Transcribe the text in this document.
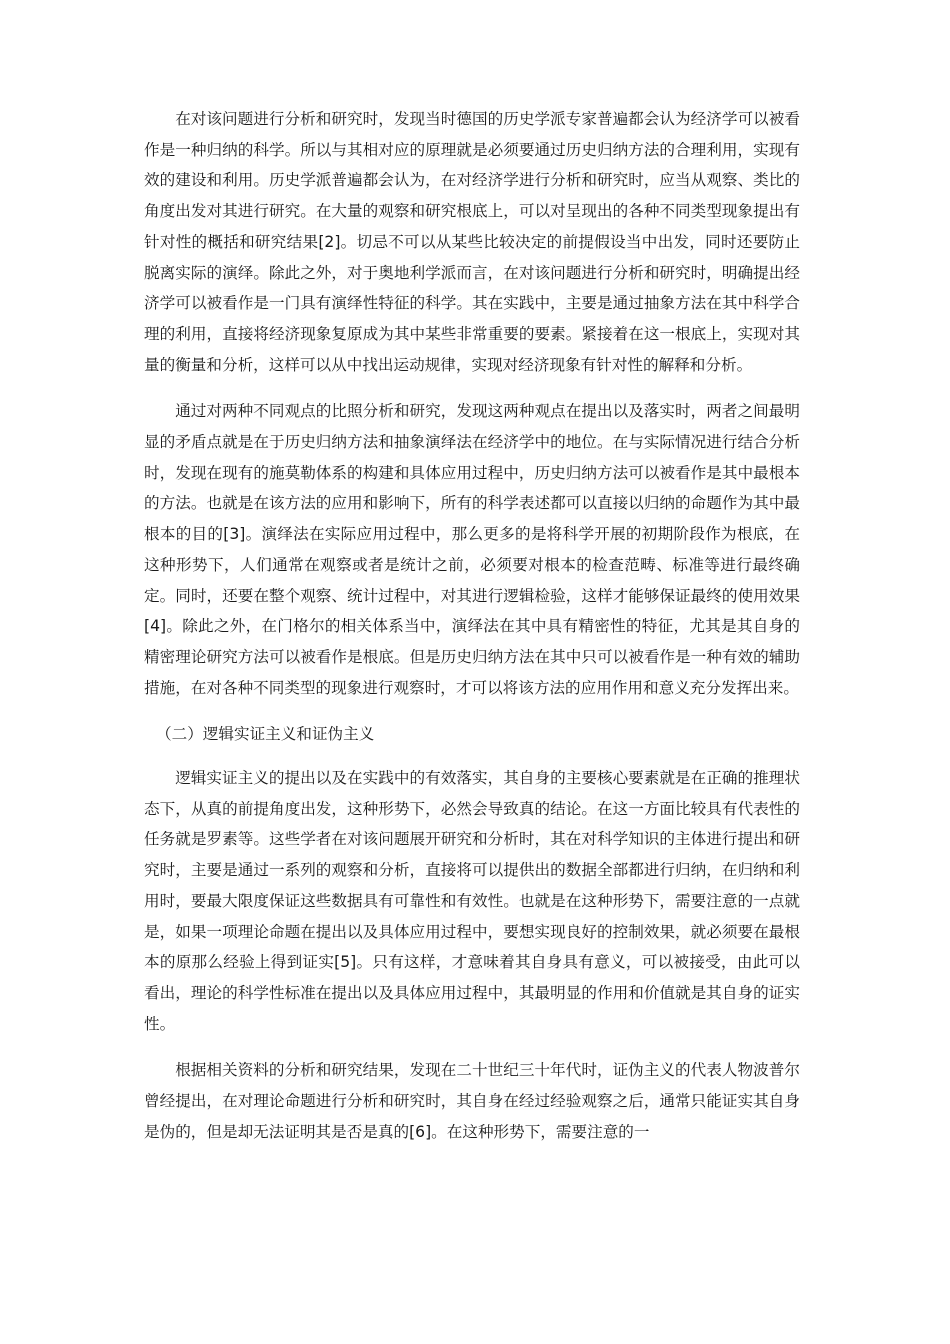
在对该问题进行分析和研究时，发现当时德国的历史学派专家普遍都会认为经济学可以被看作是一种归纳的科学。所以与其相对应的原理就是必须要通过历史归纳方法的合理利用，实现有效的建设和利用。历史学派普遍都会认为，在对经济学进行分析和研究时，应当从观察、类比的角度出发对其进行研究。在大量的观察和研究根底上，可以对呈现出的各种不同类型现象提出有针对性的概括和研究结果[2]。切忌不可以从某些比较决定的前提假设当中出发，同时还要防止脱离实际的演绎。除此之外，对于奥地利学派而言，在对该问题进行分析和研究时，明确提出经济学可以被看作是一门具有演绎性特征的科学。其在实践中，主要是通过抽象方法在其中科学合理的利用，直接将经济现象复原成为其中某些非常重要的要素。紧接着在这一根底上，实现对其量的衡量和分析，这样可以从中找出运动规律，实现对经济现象有针对性的解释和分析。

通过对两种不同观点的比照分析和研究，发现这两种观点在提出以及落实时，两者之间最明显的矛盾点就是在于历史归纳方法和抽象演绎法在经济学中的地位。在与实际情况进行结合分析时，发现在现有的施莫勒体系的构建和具体应用过程中，历史归纳方法可以被看作是其中最根本的方法。也就是在该方法的应用和影响下，所有的科学表述都可以直接以归纳的命题作为其中最根本的目的[3]。演绎法在实际应用过程中，那么更多的是将科学开展的初期阶段作为根底，在这种形势下，人们通常在观察或者是统计之前，必须要对根本的检查范畴、标准等进行最终确定。同时，还要在整个观察、统计过程中，对其进行逻辑检验，这样才能够保证最终的使用效果[4]。除此之外，在门格尔的相关体系当中，演绎法在其中具有精密性的特征，尤其是其自身的精密理论研究方法可以被看作是根底。但是历史归纳方法在其中只可以被看作是一种有效的辅助措施，在对各种不同类型的现象进行观察时，才可以将该方法的应用作用和意义充分发挥出来。

（二）逻辑实证主义和证伪主义

逻辑实证主义的提出以及在实践中的有效落实，其自身的主要核心要素就是在正确的推理状态下，从真的前提角度出发，这种形势下，必然会导致真的结论。在这一方面比较具有代表性的任务就是罗素等。这些学者在对该问题展开研究和分析时，其在对科学知识的主体进行提出和研究时，主要是通过一系列的观察和分析，直接将可以提供出的数据全部都进行归纳，在归纳和利用时，要最大限度保证这些数据具有可靠性和有效性。也就是在这种形势下，需要注意的一点就是，如果一项理论命题在提出以及具体应用过程中，要想实现良好的控制效果，就必须要在最根本的原那么经验上得到证实[5]。只有这样，才意味着其自身具有意义，可以被接受，由此可以看出，理论的科学性标准在提出以及具体应用过程中，其最明显的作用和价值就是其自身的证实性。

根据相关资料的分析和研究结果，发现在二十世纪三十年代时，证伪主义的代表人物波普尔曾经提出，在对理论命题进行分析和研究时，其自身在经过经验观察之后，通常只能证实其自身是伪的，但是却无法证明其是否是真的[6]。在这种形势下，需要注意的一
